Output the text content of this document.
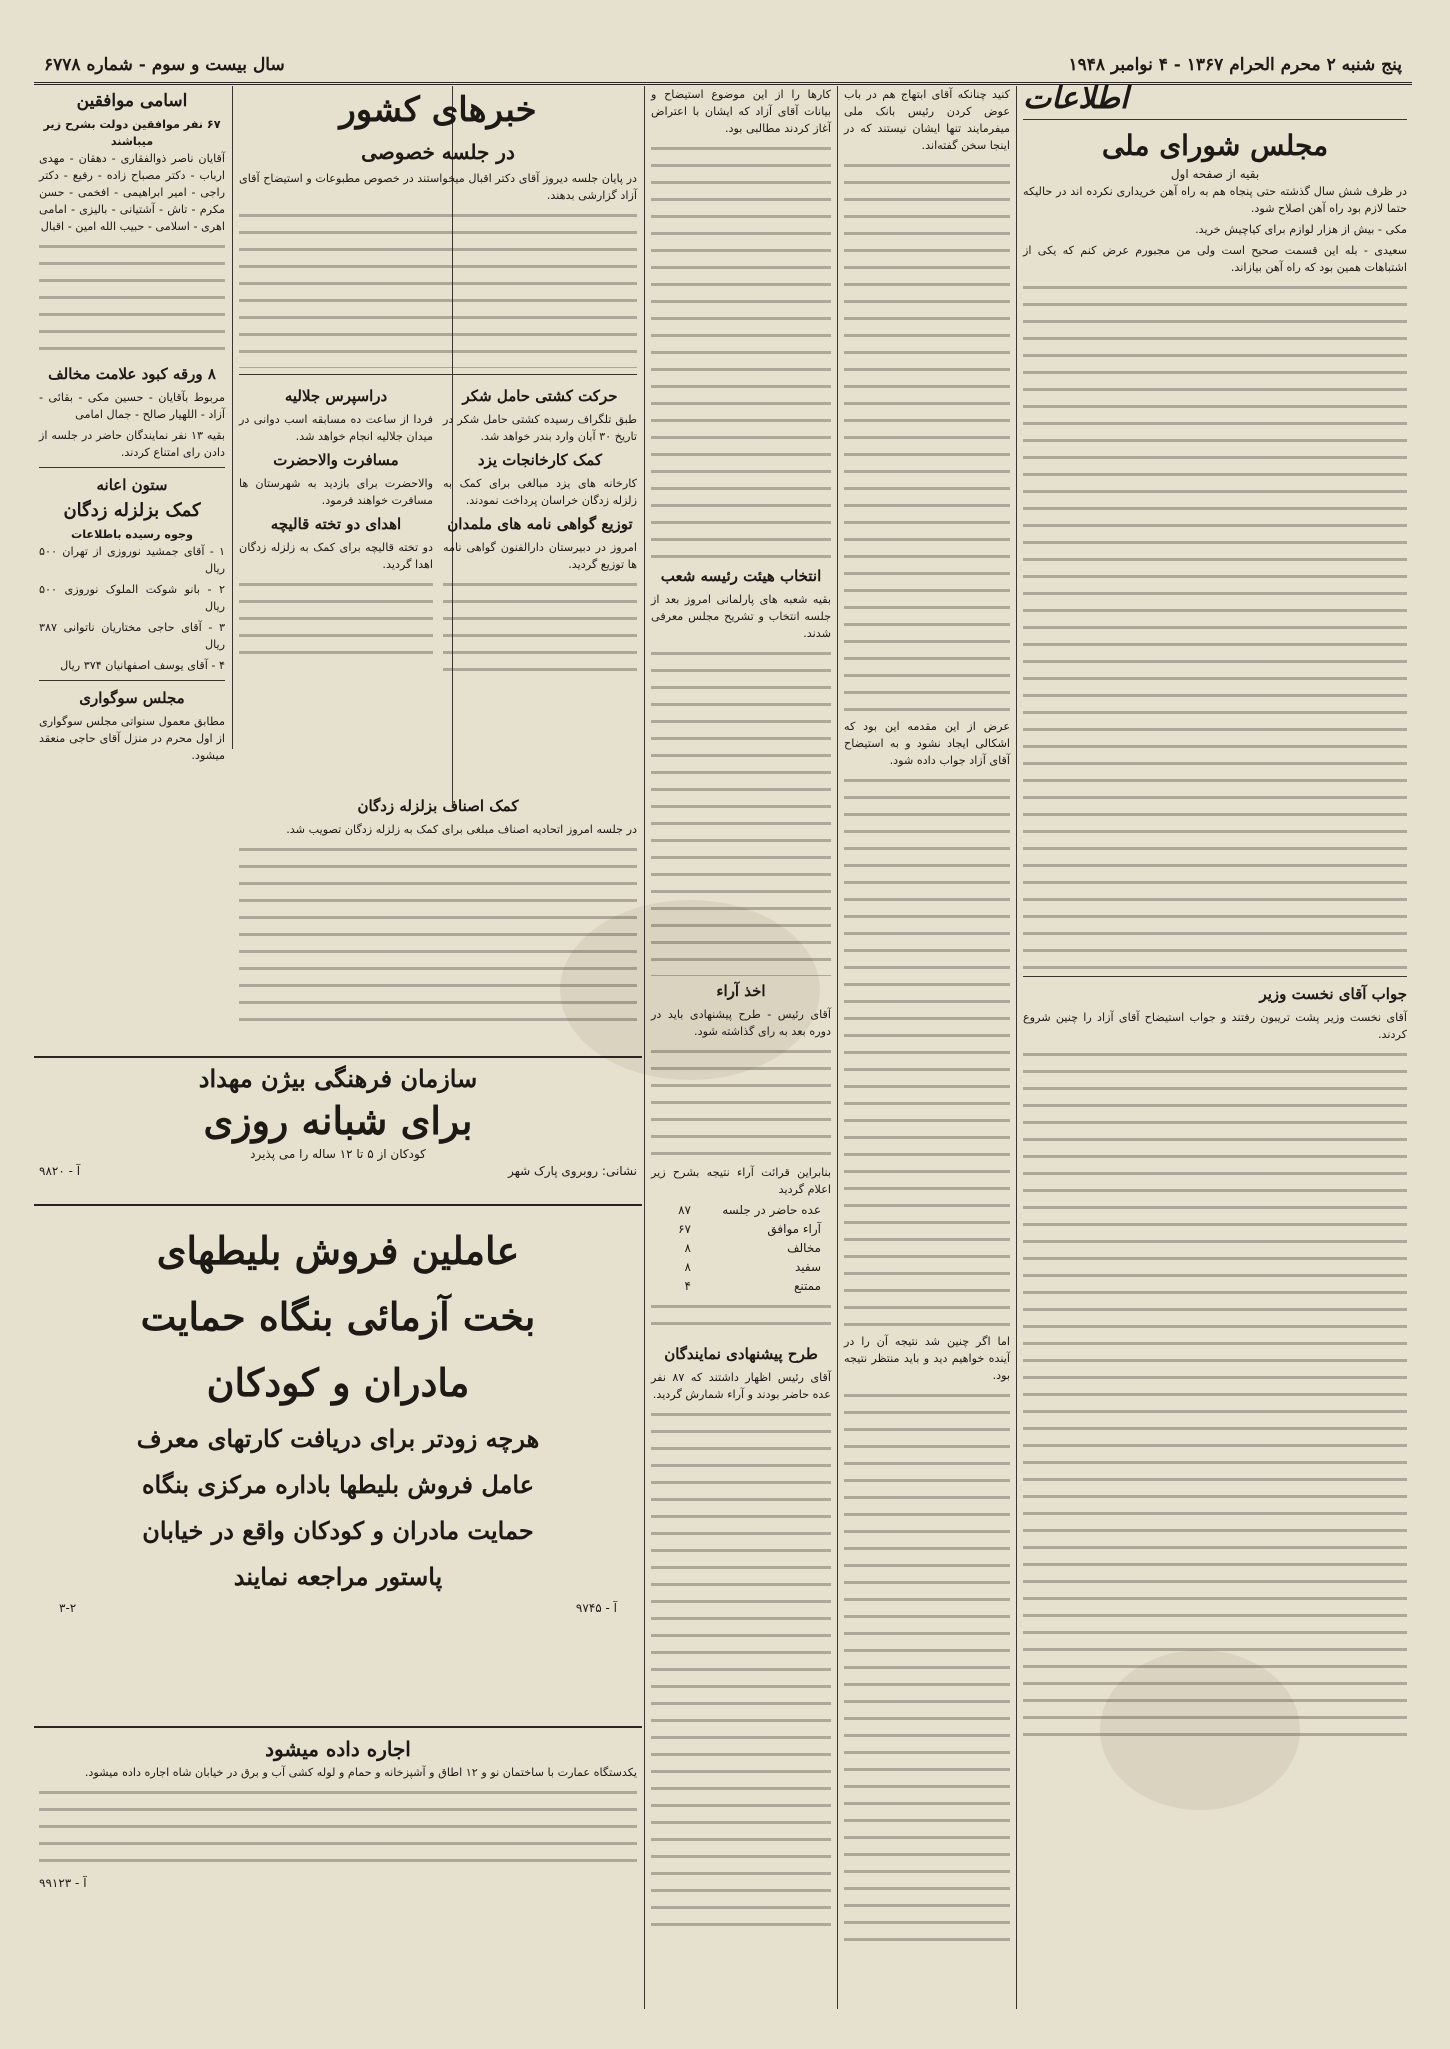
پنج شنبه ۲ محرم الحرام ۱۳۶۷ - ۴ نوامبر ۱۹۴۸
سال بیست و سوم - شماره ۶۷۷۸
اطلاعات
مجلس شورای ملی
بقیه از صفحه اول

در ظرف شش سال گذشته حتی پنجاه هم به راه آهن خریداری نکرده اند در حالیکه حتما لازم بود راه آهن اصلاح شود.

مکی - بیش از هزار لوازم برای کیاچیش خرید.

سعیدی - بله این قسمت صحیح است ولی من مجبورم عرض کنم که یکی از اشتباهات همین بود که راه آهن بیازاند.

جواب آقای نخست وزیر

آقای نخست وزیر پشت تریبون رفتند و جواب استیضاح آقای آزاد را چنین شروع کردند.

کنید چنانکه آقای ابتهاج هم در باب عوض کردن رئیس بانک ملی میفرمایند تنها ایشان نیستند که در اینجا سخن گفته‌اند.

عرض از این مقدمه این بود که اشکالی ایجاد نشود و به استیضاح آقای آزاد جواب داده شود.

اما اگر چنین شد نتیجه آن را در آینده خواهیم دید و باید منتظر نتیجه بود.

کارها را از این موضوع استیضاح و بیانات آقای آزاد که ایشان با اعتراض آغاز کردند مطالبی بود.

انتخاب هیئت رئیسه شعب

بقیه شعبه های پارلمانی امروز بعد از جلسه انتخاب و تشریح مجلس معرفی شدند.

اخذ آراء

آقای رئیس - طرح پیشنهادی باید در دوره بعد به رای گذاشته شود.

بنابراین قرائت آراء نتیجه بشرح زیر اعلام گردید

عده حاضر در جلسه
۸۷
آراء موافق
۶۷
مخالف
۸
سفید
۸
ممتنع
۴
طرح پیشنهادی نمایندگان

آقای رئیس اظهار داشتند که ۸۷ نفر عده حاضر بودند و آراء شمارش گردید.

خبرهای کشور
در جلسه خصوصی

در پایان جلسه دیروز آقای دکتر اقبال میخواستند در خصوص مطبوعات و استیضاح آقای آزاد گزارشی بدهند.

حرکت کشتی حامل شکر

طبق تلگراف رسیده کشتی حامل شکر در تاریخ ۳۰ آبان وارد بندر خواهد شد.

کمک کارخانجات یزد

کارخانه های یزد مبالغی برای کمک به زلزله زدگان خراسان پرداخت نمودند.

توزیع گواهی نامه های ملمدان

امروز در دبیرستان دارالفنون گواهی نامه ها توزیع گردید.

دراسپرس جلالیه

فردا از ساعت ده مسابقه اسب دوانی در میدان جلالیه انجام خواهد شد.

مسافرت والاحضرت

والاحضرت برای بازدید به شهرستان ها مسافرت خواهند فرمود.

اهدای دو تخته قالیچه

دو تخته قالیچه برای کمک به زلزله زدگان اهدا گردید.

کمک اصناف بزلزله زدگان

در جلسه امروز اتحادیه اصناف مبلغی برای کمک به زلزله زدگان تصویب شد.

اسامی موافقین
۶۷ نفر موافقین دولت بشرح زیر میباشند

آقایان ناصر ذوالفقاری - دهقان - مهدی ارباب - دکتر مصباح زاده - رفیع - دکتر راجی - امیر ابراهیمی - افخمی - حسن مکرم - تاش - آشتیانی - بالیزی - امامی اهری - اسلامی - حبیب الله امین - اقبال

۸ ورقه کبود علامت مخالف

مربوط بآقایان - حسین مکی - بقائی - آزاد - اللهیار صالح - جمال امامی

بقیه ۱۳ نفر نمایندگان حاضر در جلسه از دادن رای امتناع کردند.

ستون اعانه
کمک بزلزله زدگان
وجوه رسیده باطلاعات

۱ - آقای جمشید نوروزی از تهران ۵۰۰ ریال

۲ - بانو شوکت الملوک نوروزی ۵۰۰ ریال

۳ - آقای حاجی مختاریان ناتوانی ۳۸۷ ریال

۴ - آقای یوسف اصفهانیان ۳۷۴ ریال

مجلس سوگواری

مطابق معمول سنواتی مجلس سوگواری از اول محرم در منزل آقای حاجی منعقد میشود.

سازمان فرهنگی بیژن مهداد
برای شبانه روزی
کودکان از ۵ تا ۱۲ ساله را می پذیرد
نشانی: روبروی پارک شهر
آ - ۹۸۲۰
عاملین فروش بلیطهای
بخت آزمائی بنگاه حمایت
مادران و کودکان
هرچه زودتر برای دریافت کارتهای معرف
عامل فروش بلیطها باداره مرکزی بنگاه
حمایت مادران و کودکان واقع در خیابان
پاستور مراجعه نمایند
آ - ۹۷۴۵
۳-۲
اجاره داده میشود

یکدستگاه عمارت با ساختمان نو و ۱۲ اطاق و آشپزخانه و حمام و لوله کشی آب و برق در خیابان شاه اجاره داده میشود.

آ - ۹۹۱۲۳
